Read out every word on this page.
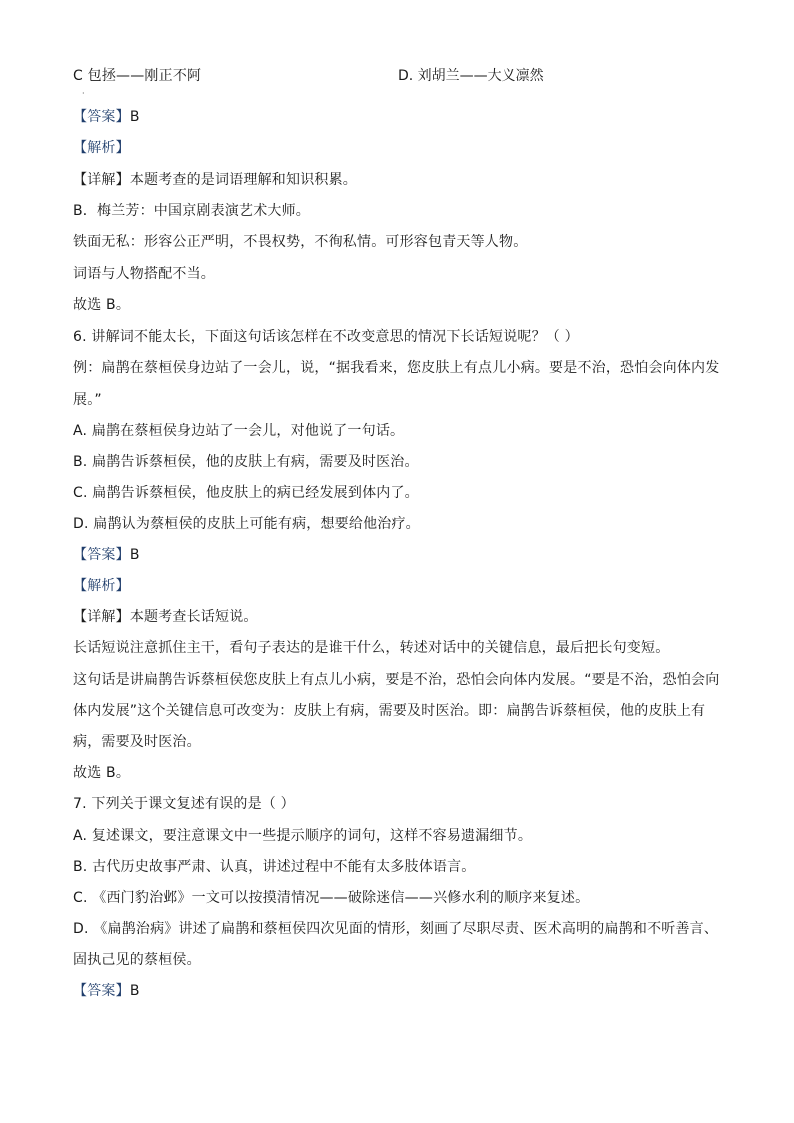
C 包拯——刚正不阿	D. 刘胡兰——大义凛然
·
【答案】B
【解析】
【详解】本题考查的是词语理解和知识积累。
B．梅兰芳：中国京剧表演艺术大师。
铁面无私：形容公正严明，不畏权势，不徇私情。可形容包青天等人物。
词语与人物搭配不当。
故选 B。
6. 讲解词不能太长，下面这句话该怎样在不改变意思的情况下长话短说呢？（ ）
例：扁鹊在蔡桓侯身边站了一会儿，说，“据我看来，您皮肤上有点儿小病。要是不治，恐怕会向体内发
展。”
A. 扁鹊在蔡桓侯身边站了一会儿，对他说了一句话。
B. 扁鹊告诉蔡桓侯，他的皮肤上有病，需要及时医治。
C. 扁鹊告诉蔡桓侯，他皮肤上的病已经发展到体内了。
D. 扁鹊认为蔡桓侯的皮肤上可能有病，想要给他治疗。
【答案】B
【解析】
【详解】本题考查长话短说。
长话短说注意抓住主干，看句子表达的是谁干什么，转述对话中的关键信息，最后把长句变短。
这句话是讲扁鹊告诉蔡桓侯您皮肤上有点儿小病，要是不治，恐怕会向体内发展。“要是不治，恐怕会向
体内发展”这个关键信息可改变为：皮肤上有病，需要及时医治。即：扁鹊告诉蔡桓侯，他的皮肤上有
病，需要及时医治。
故选 B。
7. 下列关于课文复述有误的是（ ）
A. 复述课文，要注意课文中一些提示顺序的词句，这样不容易遗漏细节。
B. 古代历史故事严肃、认真，讲述过程中不能有太多肢体语言。
C. 《西门豹治邺》一文可以按摸清情况——破除迷信——兴修水利的顺序来复述。
D. 《扁鹊治病》讲述了扁鹊和蔡桓侯四次见面的情形，刻画了尽职尽责、医术高明的扁鹊和不听善言、
固执己见的蔡桓侯。
【答案】B
